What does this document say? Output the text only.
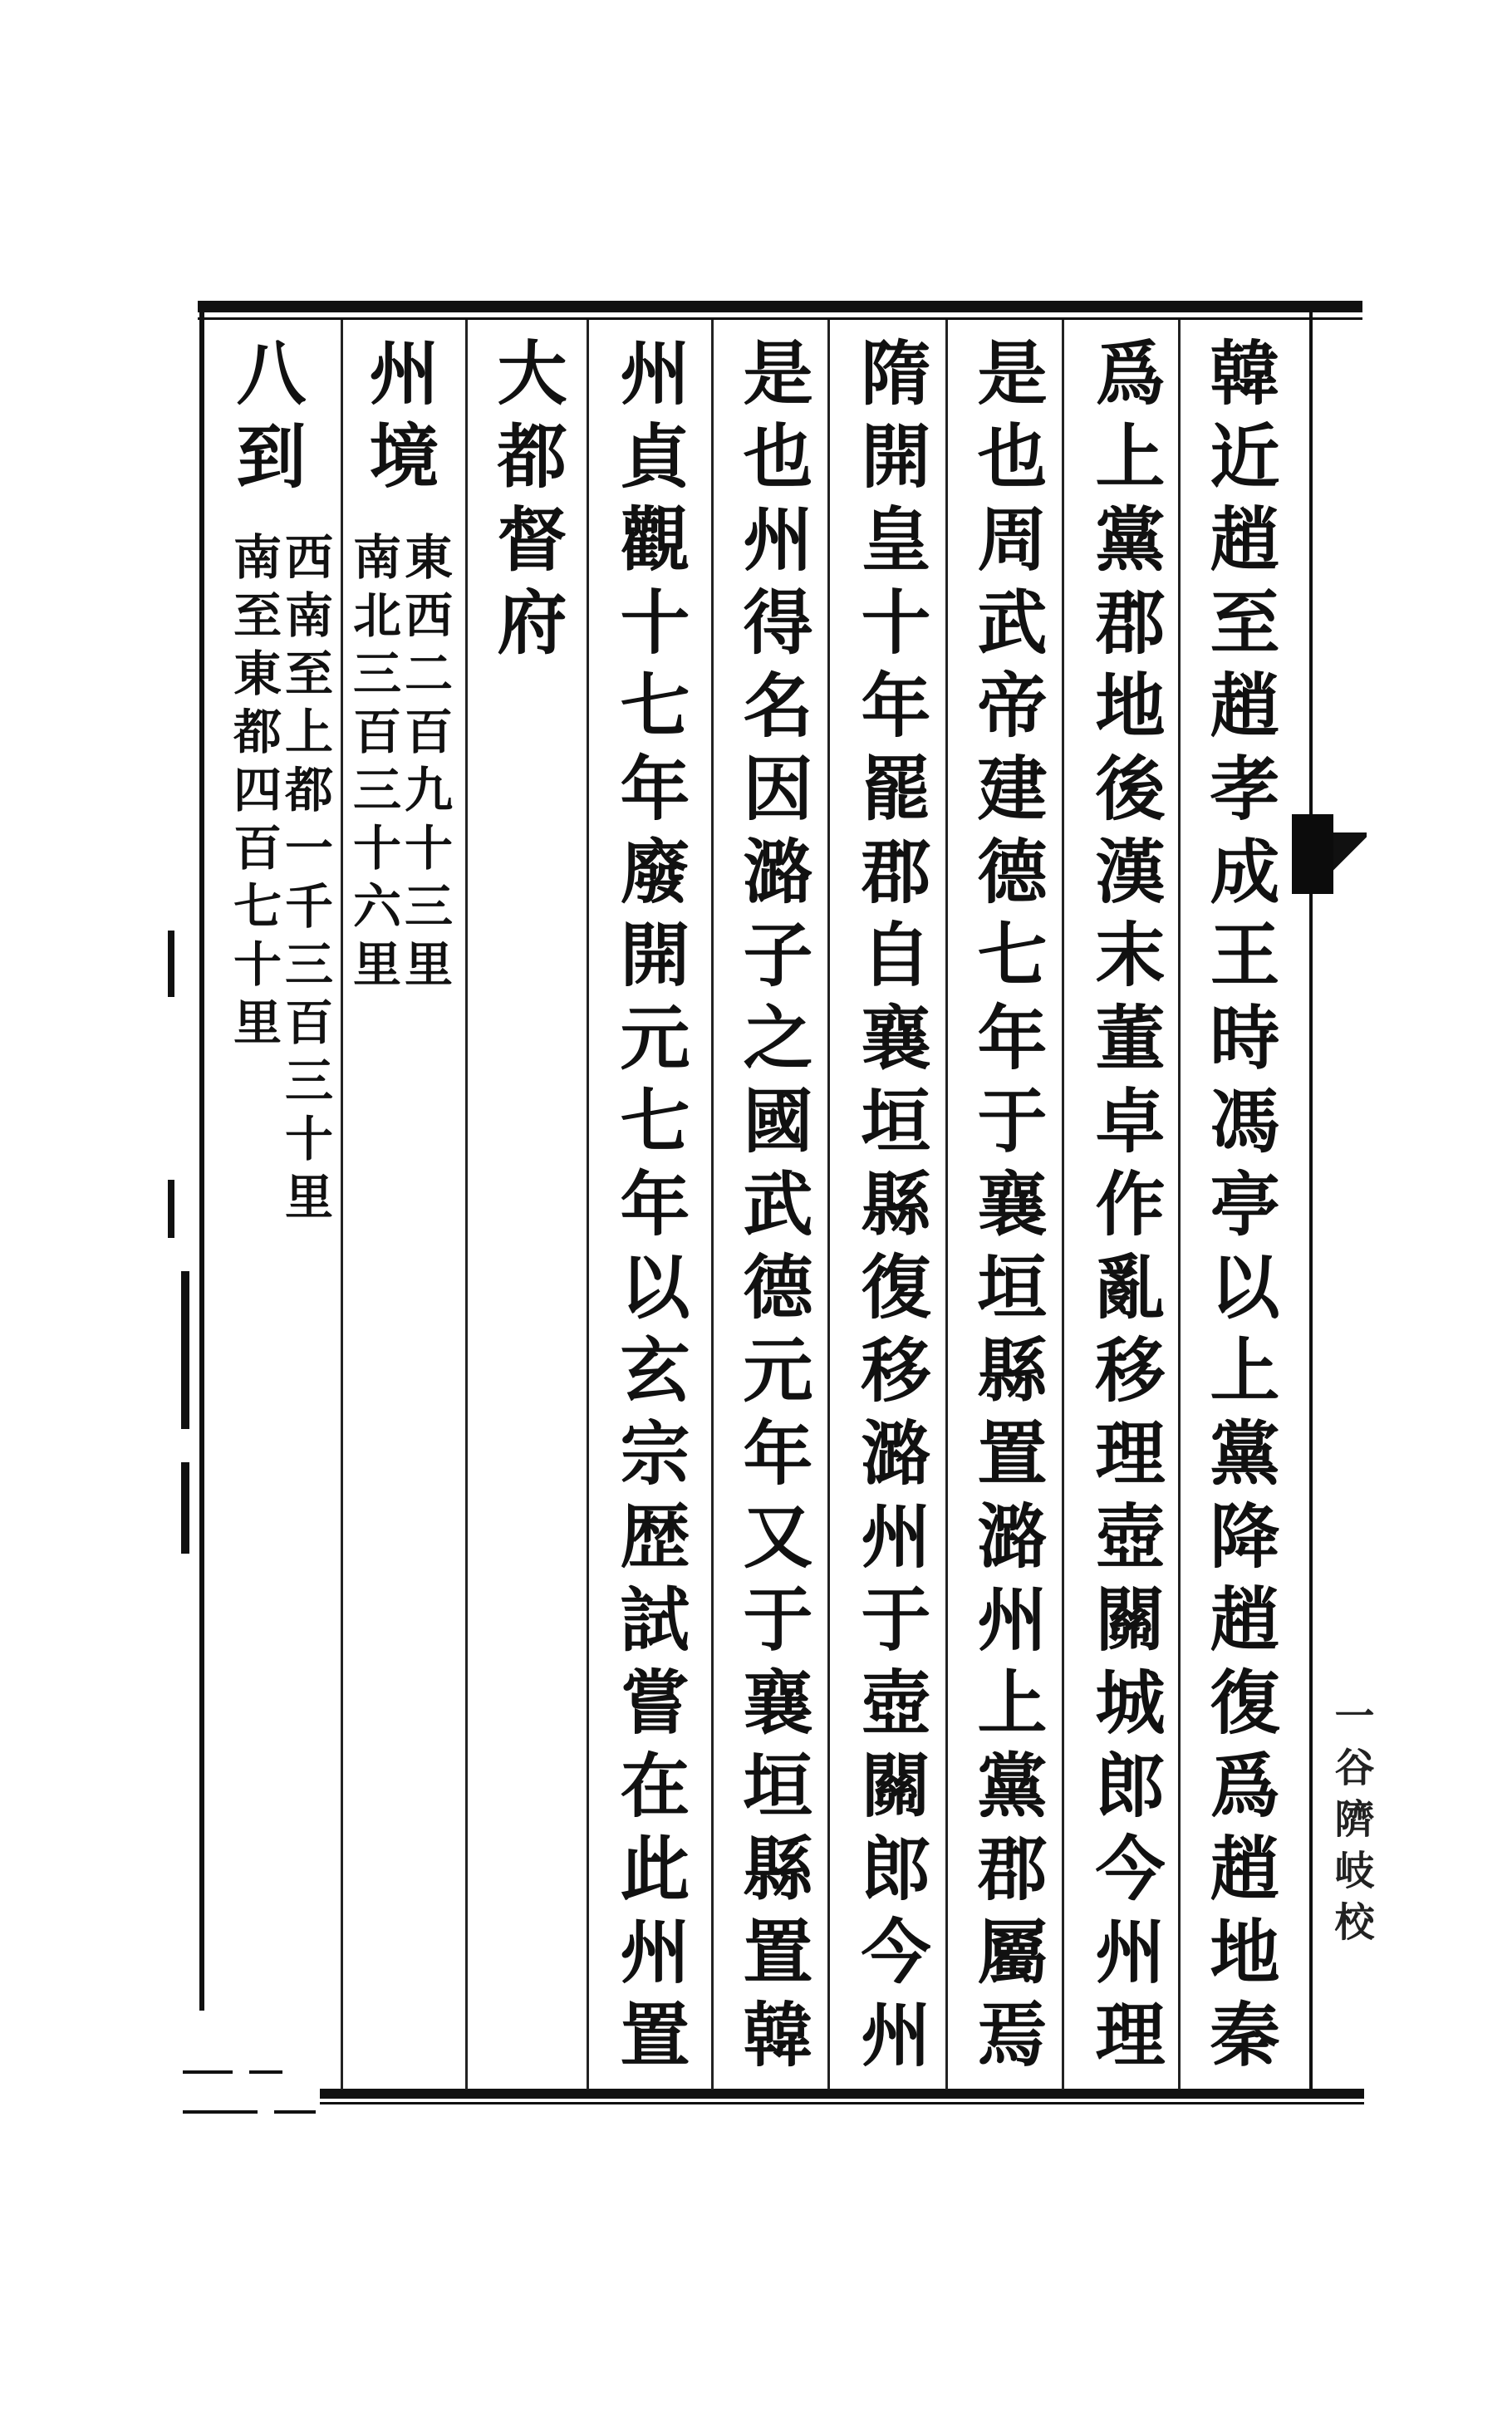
韓近趙至趙孝成王時馮亭以上黨降趙復爲趙地秦
爲上黨郡地後漢末董卓作亂移理壺關城郎今州理
是也周武帝建德七年于襄垣縣置潞州上黨郡屬焉
隋開皇十年罷郡自襄垣縣復移潞州于壺關郎今州
是也州得名因潞子之國武德元年又于襄垣縣置韓
州貞觀十七年廢開元七年以玄宗歴試嘗在此州置
大都督府
州境
東西二百九十三里
南北三百三十六里
八到
西南至上都一千三百三十里
南至東都四百七十里
一谷隮岐校
